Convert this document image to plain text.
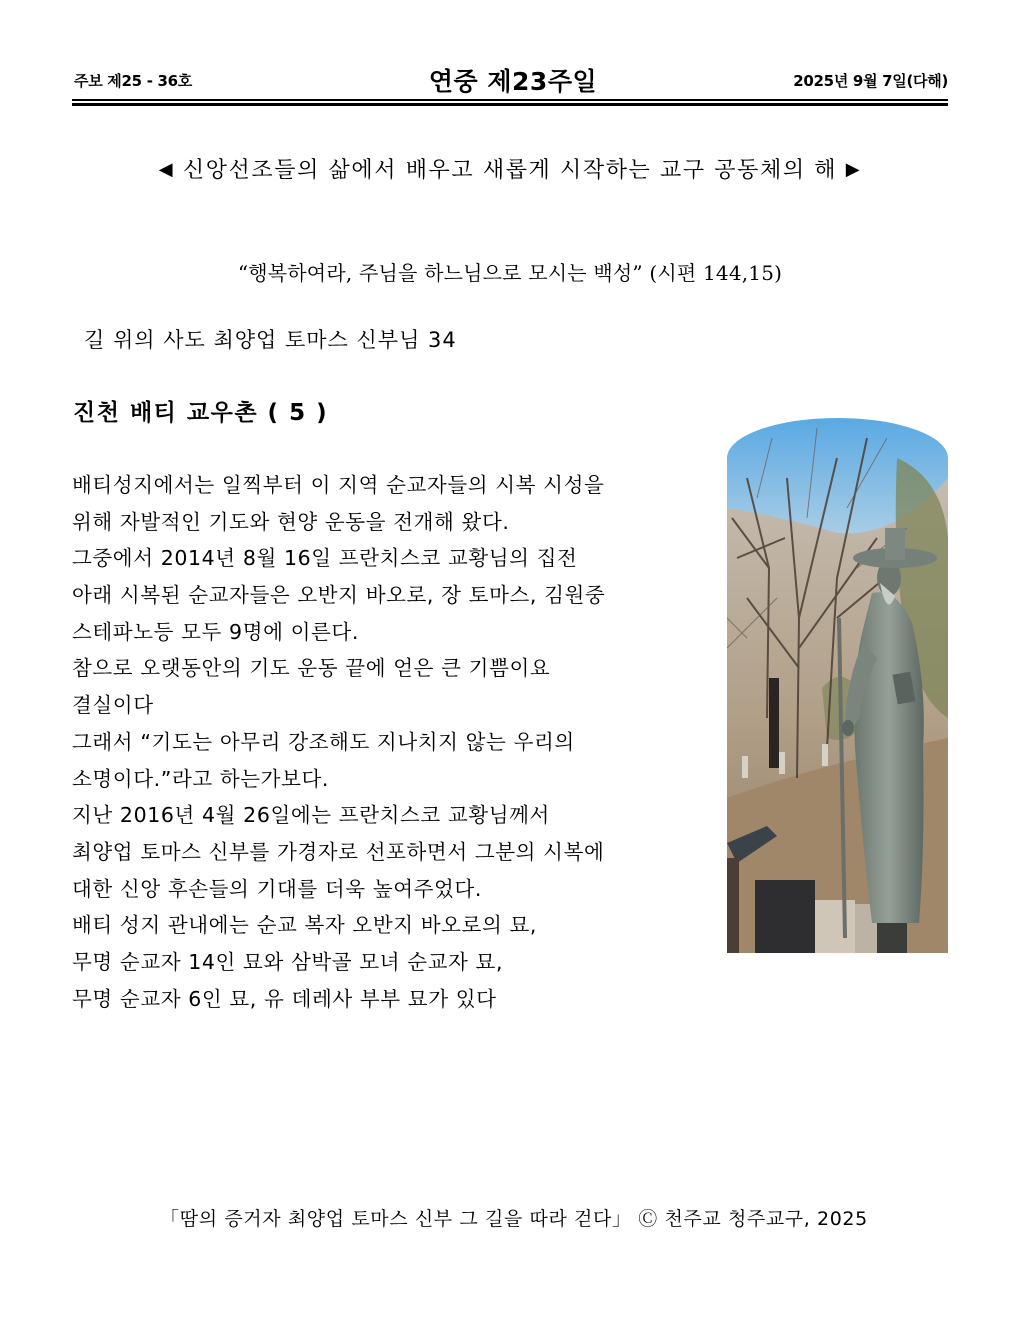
주보 제25 - 36호	연중 제23주일	2025년 9월 7일(다해)
◀ 신앙선조들의 삶에서 배우고 새롭게 시작하는 교구 공동체의 해 ▶
“행복하여라, 주님을 하느님으로 모시는 백성” (시편 144,15)
길 위의 사도 최양업 토마스 신부님 34
진천 배티 교우촌 ( 5 )
배티성지에서는 일찍부터 이 지역 순교자들의 시복 시성을
위해 자발적인 기도와 현양 운동을 전개해 왔다.
그중에서 2014년 8월 16일 프란치스코 교황님의 집전
아래 시복된 순교자들은 오반지 바오로, 장 토마스, 김원중
스테파노등 모두 9명에 이른다.
참으로 오랫동안의 기도 운동 끝에 얻은 큰 기쁨이요
결실이다
그래서 “기도는 아무리 강조해도 지나치지 않는 우리의
소명이다.”라고 하는가보다.
지난 2016년 4월 26일에는 프란치스코 교황님께서
최양업 토마스 신부를 가경자로 선포하면서 그분의 시복에
대한 신앙 후손들의 기대를 더욱 높여주었다.
배티 성지 관내에는 순교 복자 오반지 바오로의 묘,
무명 순교자 14인 묘와 삼박골 모녀 순교자 묘,
무명 순교자 6인 묘, 유 데레사 부부 묘가 있다
「땀의 증거자 최양업 토마스 신부 그 길을 따라 걷다」 Ⓒ 천주교 청주교구, 2025
